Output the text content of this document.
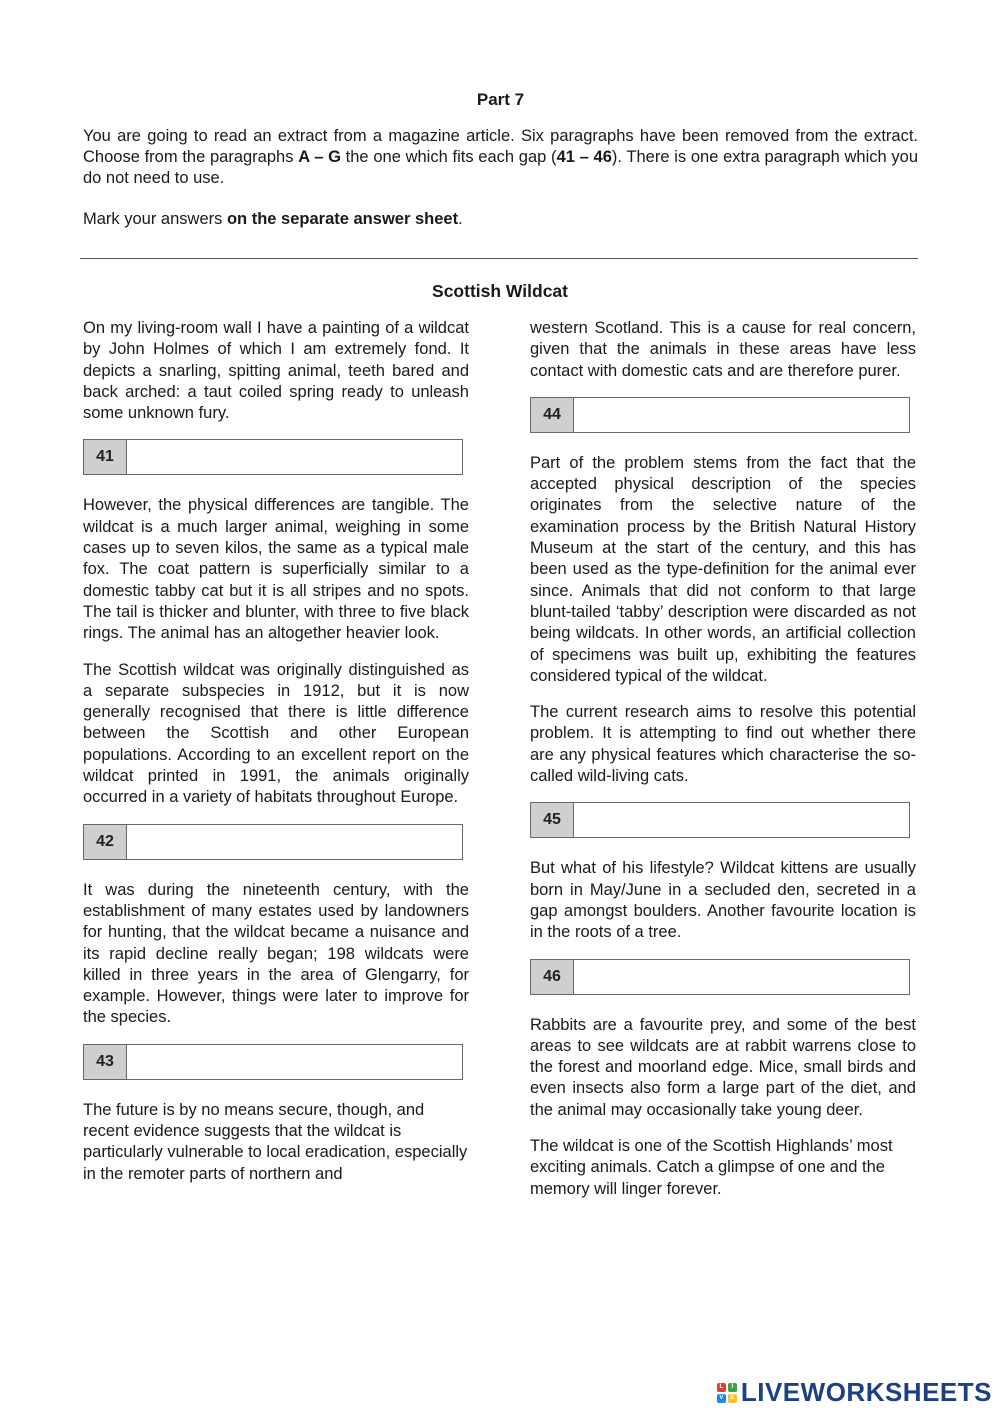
Part 7

You are going to read an extract from a magazine article. Six paragraphs have been removed from the extract. Choose from the paragraphs A – G the one which fits each gap (41 – 46). There is one extra paragraph which you do not need to use.

Mark your answers on the separate answer sheet.

Scottish Wildcat

On my living-room wall I have a painting of a wildcat by John Holmes of which I am extremely fond. It depicts a snarling, spitting animal, teeth bared and back arched: a taut coiled spring ready to unleash some unknown fury.

41

However, the physical differences are tangible. The wildcat is a much larger animal, weighing in some cases up to seven kilos, the same as a typical male fox. The coat pattern is superficially similar to a domestic tabby cat but it is all stripes and no spots. The tail is thicker and blunter, with three to five black rings. The animal has an altogether heavier look.

The Scottish wildcat was originally distinguished as a separate subspecies in 1912, but it is now generally recognised that there is little difference between the Scottish and other European populations. According to an excellent report on the wildcat printed in 1991, the animals originally occurred in a variety of habitats throughout Europe.

42

It was during the nineteenth century, with the establishment of many estates used by landowners for hunting, that the wildcat became a nuisance and its rapid decline really began; 198 wildcats were killed in three years in the area of Glengarry, for example. However, things were later to improve for the species.

43

The future is by no means secure, though, and recent evidence suggests that the wildcat is particularly vulnerable to local eradication, especially in the remoter parts of northern and

western Scotland. This is a cause for real concern, given that the animals in these areas have less contact with domestic cats and are therefore purer.

44

Part of the problem stems from the fact that the accepted physical description of the species originates from the selective nature of the examination process by the British Natural History Museum at the start of the century, and this has been used as the type-definition for the animal ever since. Animals that did not conform to that large blunt-tailed ‘tabby’ description were discarded as not being wildcats. In other words, an artificial collection of specimens was built up, exhibiting the features considered typical of the wildcat.

The current research aims to resolve this potential problem. It is attempting to find out whether there are any physical features which characterise the so-called wild-living cats.

45

But what of his lifestyle? Wildcat kittens are usually born in May/June in a secluded den, secreted in a gap amongst boulders. Another favourite location is in the roots of a tree.

46

Rabbits are a favourite prey, and some of the best areas to see wildcats are at rabbit warrens close to the forest and moorland edge. Mice, small birds and even insects also form a large part of the diet, and the animal may occasionally take young deer.

The wildcat is one of the Scottish Highlands’ most exciting animals. Catch a glimpse of one and the memory will linger forever.

L	I
V	E LIVEWORKSHEETS
